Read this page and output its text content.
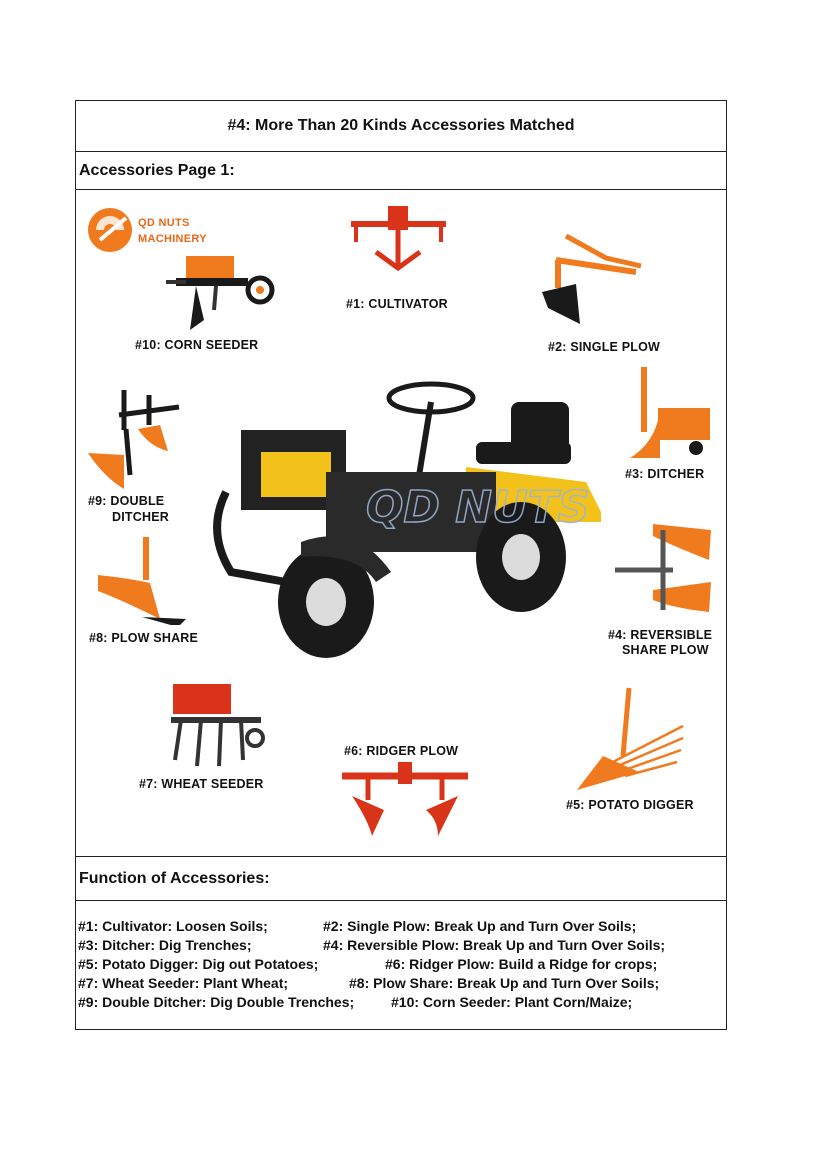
#4: More Than 20 Kinds Accessories Matched
Accessories Page 1:
QD NUTS
MACHINERY
#10: CORN SEEDER
#1: CULTIVATOR
#2: SINGLE PLOW
#9: DOUBLE
DITCHER	QD NUTS
#3: DITCHER
#8: PLOW SHARE	#4: REVERSIBLE
SHARE PLOW
#7: WHEAT SEEDER
#6: RIDGER PLOW
#5: POTATO DIGGER
Function of Accessories:
#1: Cultivator: Loosen Soils;	#2: Single Plow: Break Up and Turn Over Soils;
#3: Ditcher: Dig Trenches;	#4: Reversible Plow: Break Up and Turn Over Soils;
#5: Potato Digger: Dig out Potatoes;	#6: Ridger Plow: Build a Ridge for crops;
#7: Wheat Seeder: Plant Wheat;	#8: Plow Share: Break Up and Turn Over Soils;
#9: Double Ditcher: Dig Double Trenches;	#10: Corn Seeder: Plant Corn/Maize;
